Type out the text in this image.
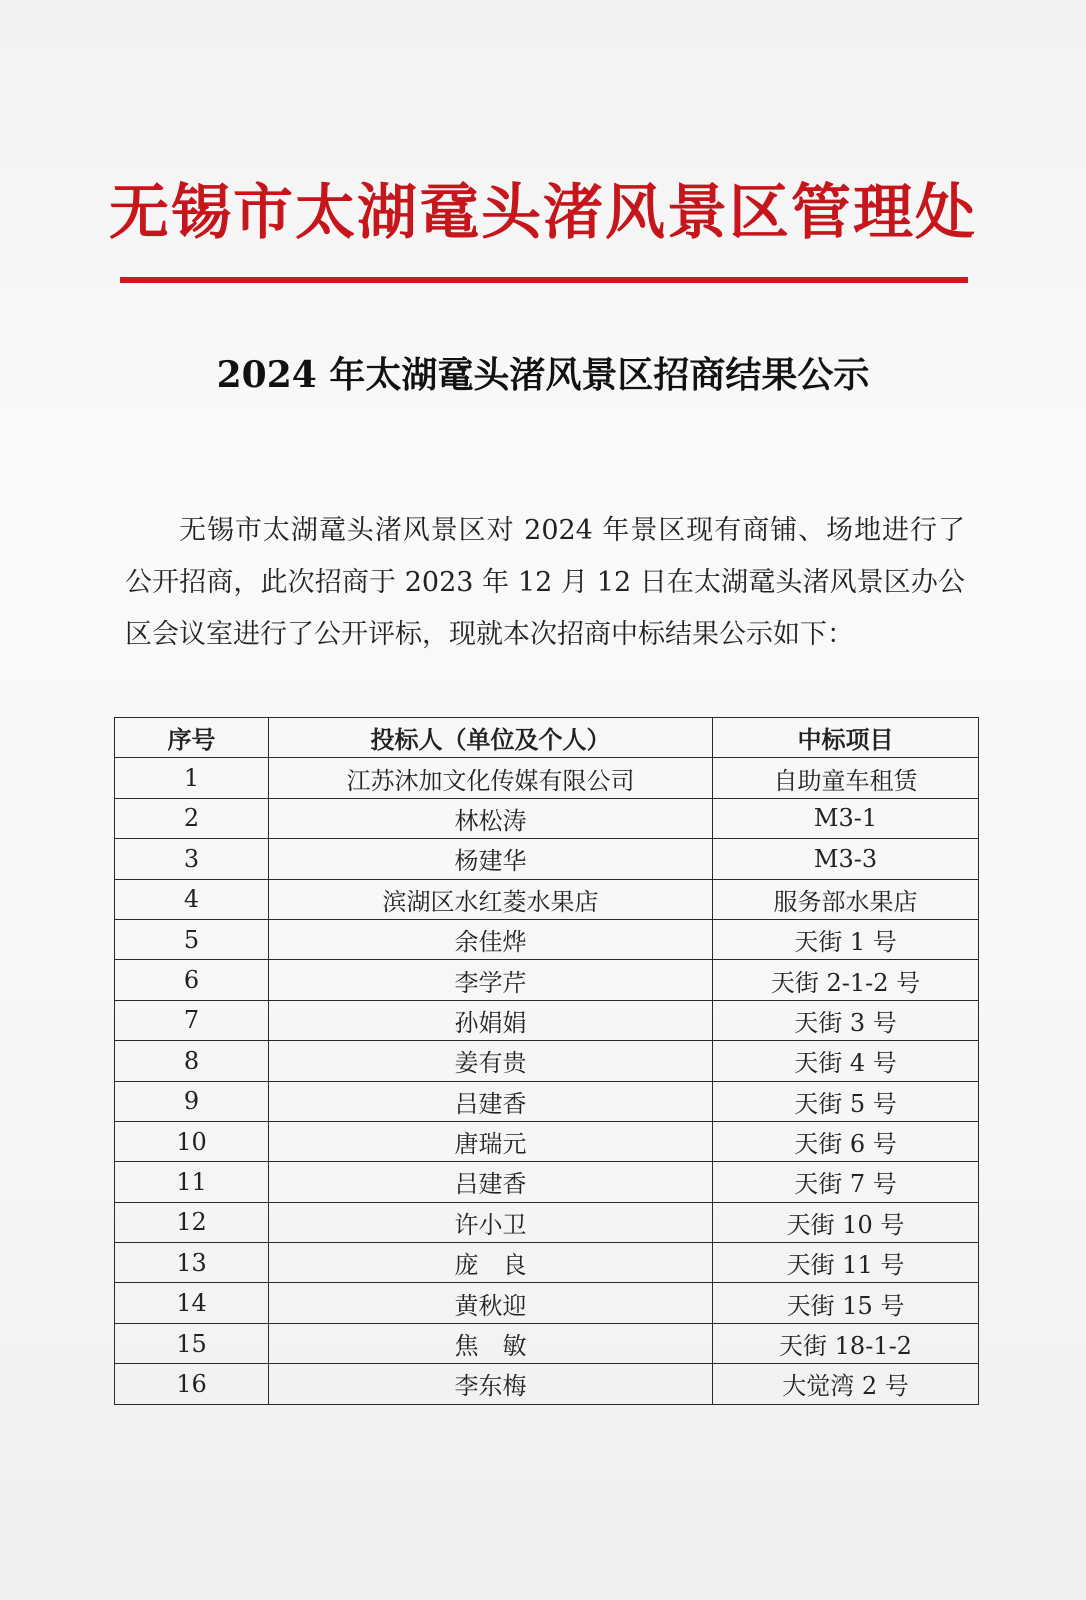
无锡市太湖鼋头渚风景区管理处
2024 年太湖鼋头渚风景区招商结果公示
无锡市太湖鼋头渚风景区对 2024 年景区现有商铺、场地进行了公开招商，此次招商于 2023 年 12 月 12 日在太湖鼋头渚风景区办公区会议室进行了公开评标，现就本次招商中标结果公示如下：
序号	投标人（单位及个人）	中标项目
1	江苏沐加文化传媒有限公司	自助童车租赁
2	林松涛	M3-1
3	杨建华	M3-3
4	滨湖区水红菱水果店	服务部水果店
5	余佳烨	天街 1 号
6	李学芹	天街 2-1-2 号
7	孙娟娟	天街 3 号
8	姜有贵	天街 4 号
9	吕建香	天街 5 号
10	唐瑞元	天街 6 号
11	吕建香	天街 7 号
12	许小卫	天街 10 号
13	庞　良	天街 11 号
14	黄秋迎	天街 15 号
15	焦　敏	天街 18-1-2
16	李东梅	大觉湾 2 号
